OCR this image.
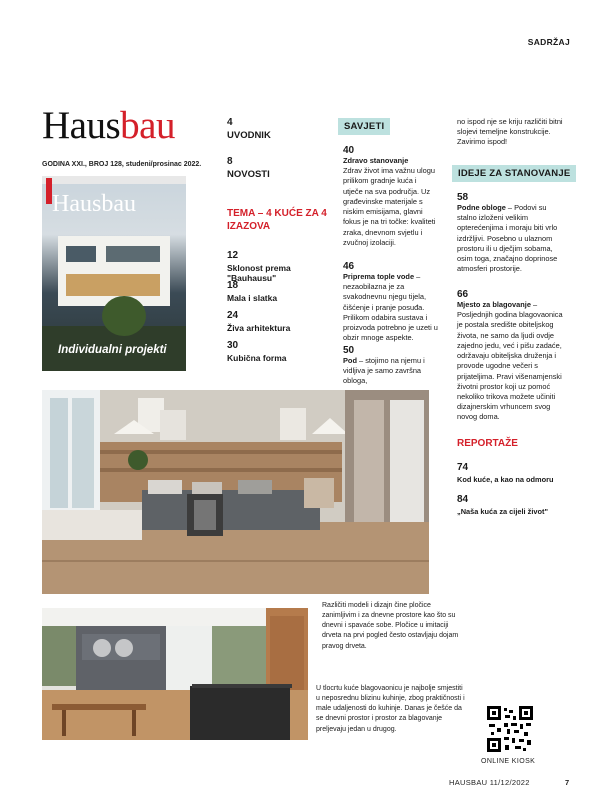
SADRŽAJ
Hausbau
GODINA XXI., BROJ 128, studeni/prosinac 2022.
Hausbau
Individualni projekti
4
UVODNIK
8
NOVOSTI
TEMA – 4 KUĆE ZA 4 IZAZOVA
12
Sklonost prema "Bauhausu"
18
Mala i slatka
24
Živa arhitektura
30
Kubična forma
SAVJETI
40
Zdravo stanovanje
Zdrav život ima važnu ulogu prilikom gradnje kuća i utječe na sva područja. Uz građevinske materijale s niskim emisijama, glavni fokus je na tri točke: kvaliteti zraka, dnevnom svjetlu i zvučnoj izolaciji.
46
Priprema tople vode – nezaobilazna je za svakodnevnu njegu tijela, čišćenje i pranje posuđa. Prilikom odabira sustava i proizvoda potrebno je uzeti u obzir mnoge aspekte.
50
Pod – stojimo na njemu i vidljiva je samo završna obloga,
no ispod nje se kriju različiti bitni slojevi temeljne konstrukcije. Zavirimo ispod!
IDEJE ZA STANOVANJE
58
Podne obloge – Podovi su stalno izloženi velikim opterećenjima i moraju biti vrlo izdržljivi. Posebno u ulaznom prostoru ili u dječjim sobama, osim toga, značajno doprinose atmosferi prostorije.
66
Mjesto za blagovanje – Posljednjih godina blagovaonica je postala središte obiteljskog života, ne samo da ljudi ovdje zajedno jedu, već i pišu zadaće, održavaju obiteljska druženja i provode ugodne večeri s prijateljima. Pravi višenamjenski životni prostor koji uz pomoć nekoliko trikova možete učiniti dizajnerskim vrhuncem svog novog doma.
REPORTAŽE
74
Kod kuće, a kao na odmoru
84
„Naša kuća za cijeli život"
Različiti modeli i dizajn čine pločice zanimljivim i za dnevne prostore kao što su dnevni i spavaće sobe. Pločice u imitaciji drveta na prvi pogled često ostavljaju dojam pravog drveta.
U tlocrtu kuće blagovaonicu je najbolje smjestiti u neposrednu blizinu kuhinje, zbog praktičnosti i male udaljenosti do kuhinje. Danas je češće da se dnevni prostor i prostor za blagovanje preljevaju jedan u drugog.
ONLINE KIOSK
HAUSBAU 11/12/2022	7
